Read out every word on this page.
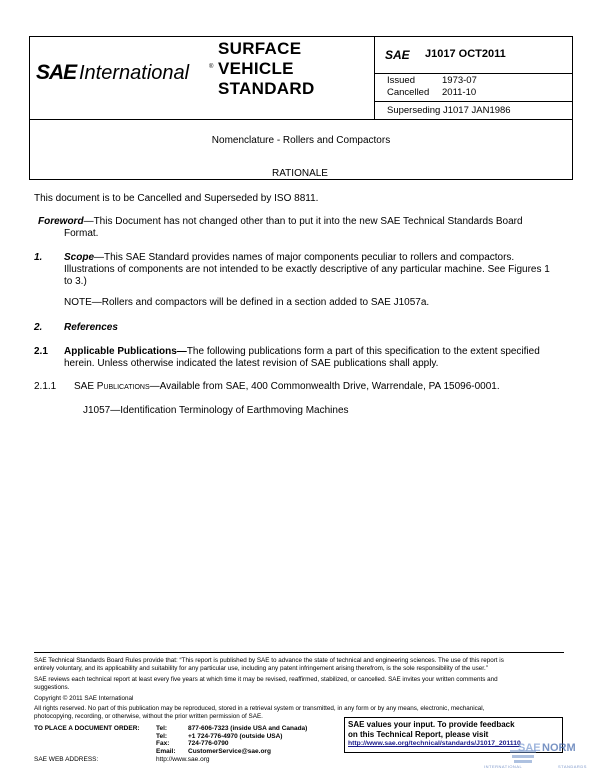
SAE International	®
SURFACE
VEHICLE
STANDARD
SAE J1017 OCT2011
Issued	1973-07
Cancelled 2011-10
Superseding J1017 JAN1986
Nomenclature - Rollers and Compactors
RATIONALE
This document is to be Cancelled and Superseded by ISO 8811.
Foreword—This Document has not changed other than to put it into the new SAE Technical Standards Board
Format.
1. Scope—This SAE Standard provides names of major components peculiar to rollers and compactors.
Illustrations of components are not intended to be exactly descriptive of any particular machine. See Figures 1
to 3.)
NOTE—Rollers and compactors will be defined in a section added to SAE J1057a.
2. References
2.1 Applicable Publications—The following publications form a part of this specification to the extent specified
herein. Unless otherwise indicated the latest revision of SAE publications shall apply.
2.1.1 SAE Publications—Available from SAE, 400 Commonwealth Drive, Warrendale, PA 15096-0001.
J1057—Identification Terminology of Earthmoving Machines
SAE Technical Standards Board Rules provide that: “This report is published by SAE to advance the state of technical and engineering sciences. The use of this report is
entirely voluntary, and its applicability and suitability for any particular use, including any patent infringement arising therefrom, is the sole responsibility of the user.”
SAE reviews each technical report at least every five years at which time it may be revised, reaffirmed, stabilized, or cancelled. SAE invites your written comments and
suggestions.
Copyright © 2011 SAE International
All rights reserved. No part of this publication may be reproduced, stored in a retrieval system or transmitted, in any form or by any means, electronic, mechanical,
photocopying, recording, or otherwise, without the prior written permission of SAE.
TO PLACE A DOCUMENT ORDER:	Tel:	877-606-7323 (inside USA and Canada)
Tel:	+1 724-776-4970 (outside USA)
Fax:	724-776-0790
Email: CustomerService@sae.org
SAE WEB ADDRESS:	http://www.sae.org
SAE values your input. To provide feedback
on this Technical Report, please visit
http://www.sae.org/technical/standards/J1017_201110
SAE NORM
INTERNATIONAL	STANDARDS
